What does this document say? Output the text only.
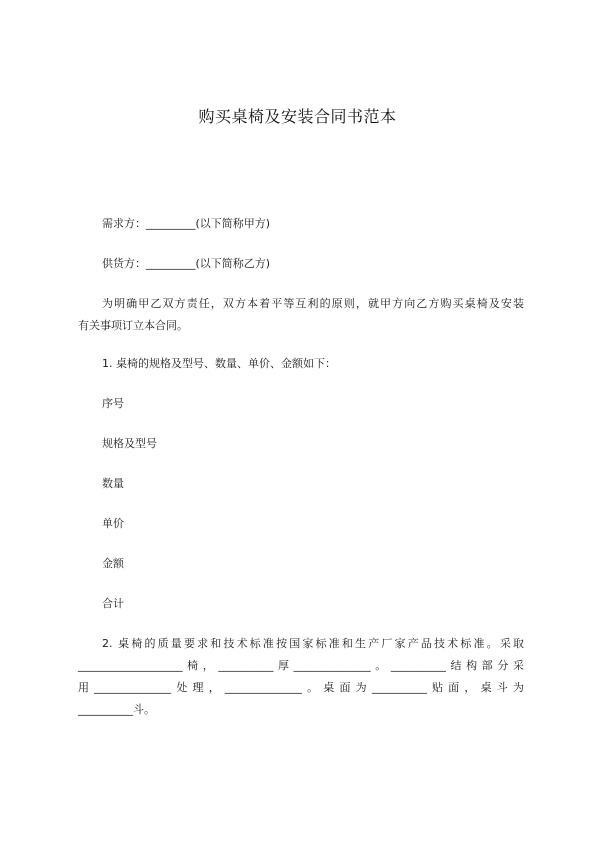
购买桌椅及安装合同书范本
需求方：_________(以下简称甲方)
供货方：_________(以下简称乙方)
为明确甲乙双方责任，双方本着平等互利的原则，就甲方向乙方购买桌椅及安装
有关事项订立本合同。
1. 桌椅的规格及型号、数量、单价、金额如下：
序号
规格及型号
数量
单价
金额
合计
2. 桌椅的质量要求和技术标准按国家标准和生产厂家产品技术标准。采取
___________________椅，__________厚______________。__________结构部分采
用______________处理，______________。桌面为__________贴面，桌斗为
__________斗。
